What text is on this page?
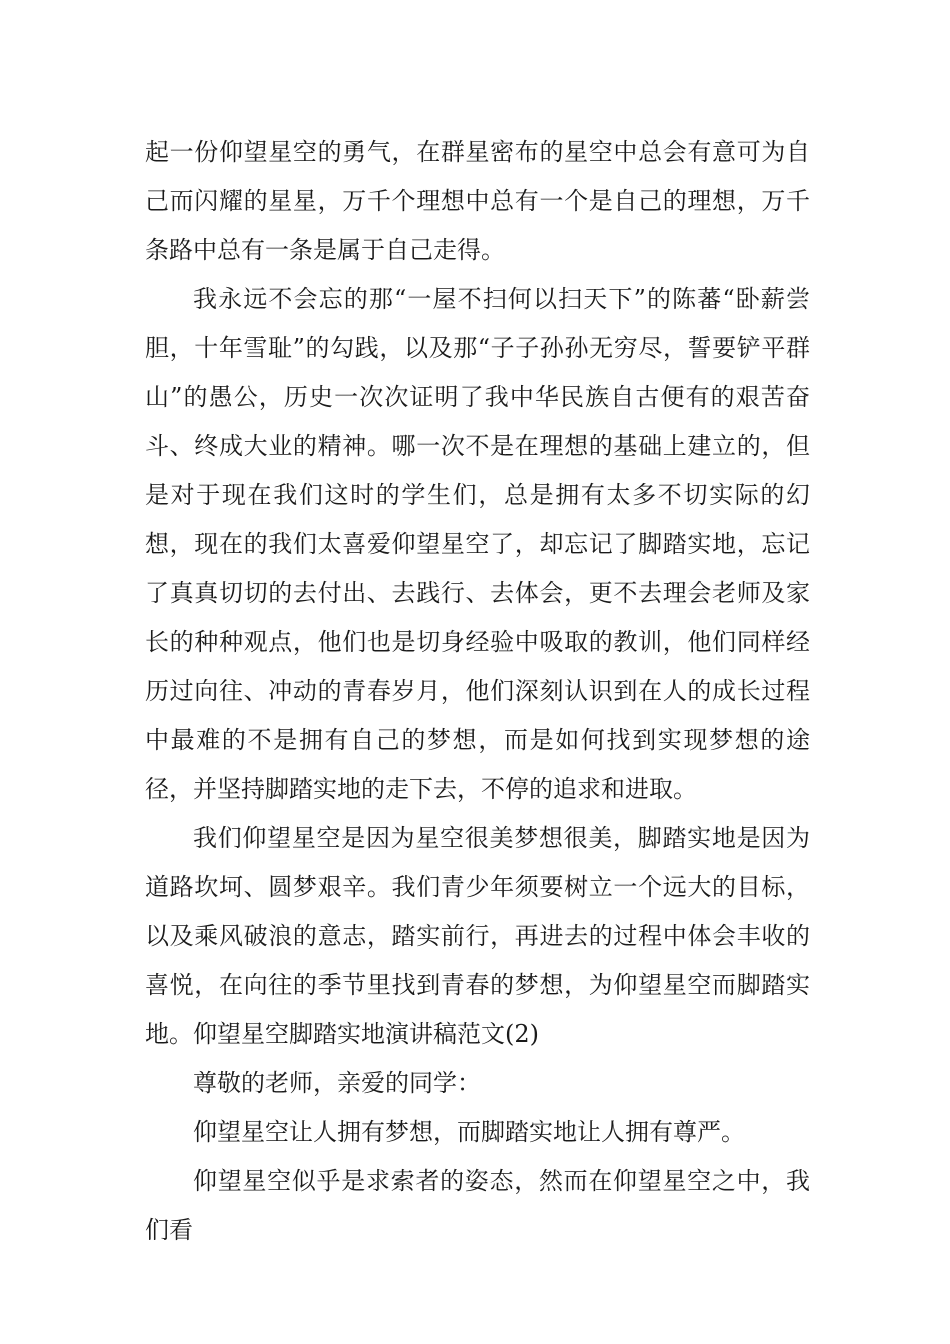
起一份仰望星空的勇气，在群星密布的星空中总会有意可为自己而闪耀的星星，万千个理想中总有一个是自己的理想，万千条路中总有一条是属于自己走得。

我永远不会忘的那“一屋不扫何以扫天下”的陈蕃“卧薪尝胆，十年雪耻”的勾践，以及那“子子孙孙无穷尽，誓要铲平群山”的愚公，历史一次次证明了我中华民族自古便有的艰苦奋斗、终成大业的精神。哪一次不是在理想的基础上建立的，但是对于现在我们这时的学生们，总是拥有太多不切实际的幻想，现在的我们太喜爱仰望星空了，却忘记了脚踏实地，忘记了真真切切的去付出、去践行、去体会，更不去理会老师及家长的种种观点，他们也是切身经验中吸取的教训，他们同样经历过向往、冲动的青春岁月，他们深刻认识到在人的成长过程中最难的不是拥有自己的梦想，而是如何找到实现梦想的途径，并坚持脚踏实地的走下去，不停的追求和进取。

我们仰望星空是因为星空很美梦想很美，脚踏实地是因为道路坎坷、圆梦艰辛。我们青少年须要树立一个远大的目标，以及乘风破浪的意志，踏实前行，再进去的过程中体会丰收的喜悦，在向往的季节里找到青春的梦想，为仰望星空而脚踏实地。仰望星空脚踏实地演讲稿范文(2)

尊敬的老师，亲爱的同学：

仰望星空让人拥有梦想，而脚踏实地让人拥有尊严。

仰望星空似乎是求索者的姿态，然而在仰望星空之中，我们看
